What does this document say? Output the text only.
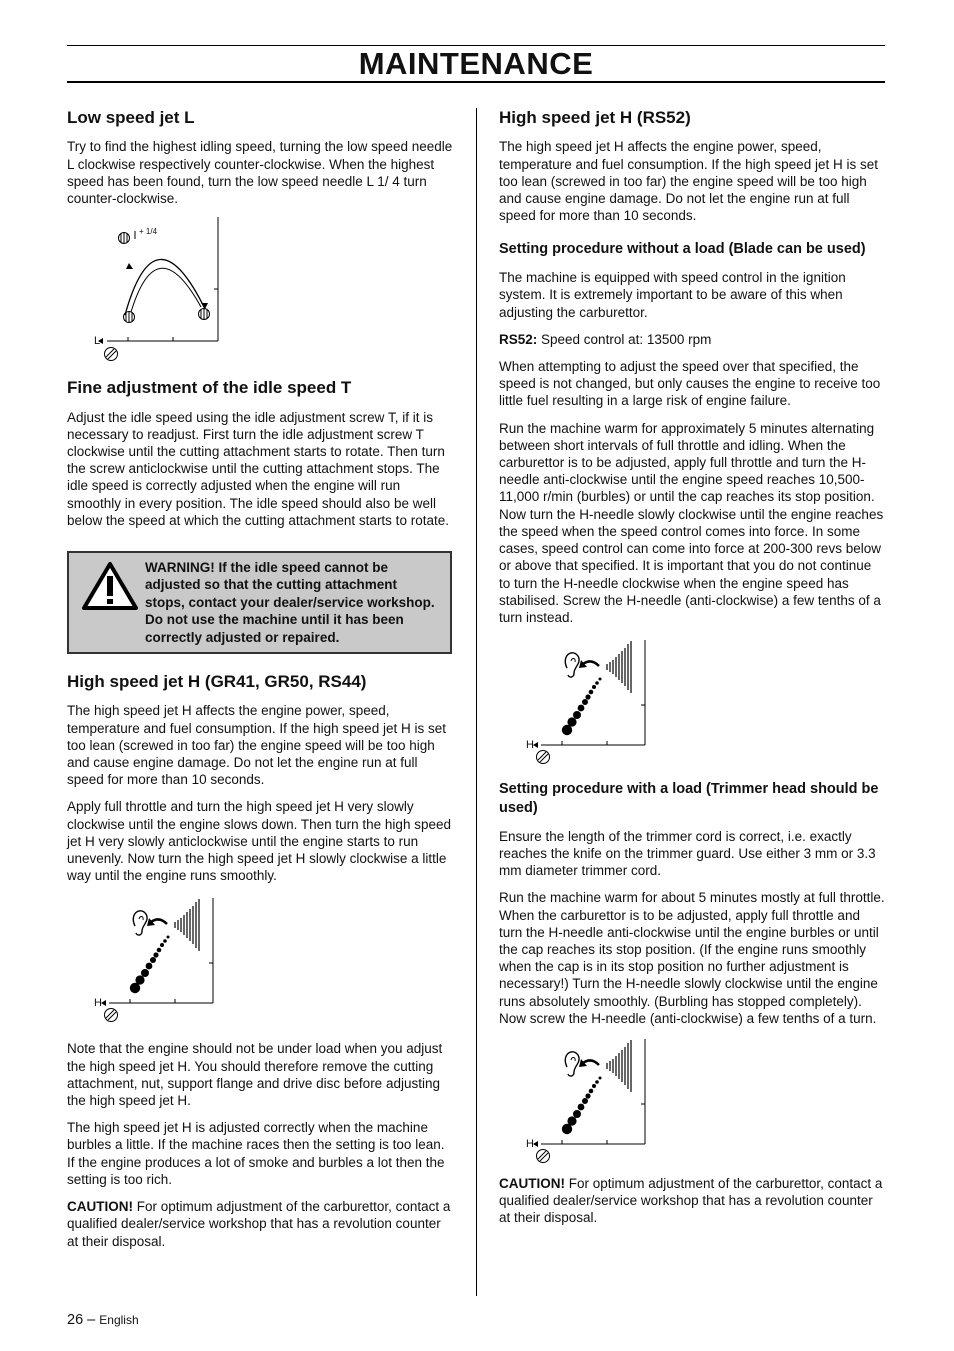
MAINTENANCE
Low speed jet L

Try to find the highest idling speed, turning the low speed needle L clockwise respectively counter-clockwise. When the highest speed has been found, turn the low speed needle L 1/ 4 turn counter-clockwise.

+ 1/4
L
Fine adjustment of the idle speed T

Adjust the idle speed using the idle adjustment screw T, if it is necessary to readjust. First turn the idle adjustment screw T clockwise until the cutting attachment starts to rotate. Then turn the screw anticlockwise until the cutting attachment stops. The idle speed is correctly adjusted when the engine will run smoothly in every position. The idle speed should also be well below the speed at which the cutting attachment starts to rotate.

WARNING! If the idle speed cannot be adjusted so that the cutting attachment stops, contact your dealer/service workshop. Do not use the machine until it has been correctly adjusted or repaired.
High speed jet H (GR41, GR50, RS44)

The high speed jet H affects the engine power, speed, temperature and fuel consumption. If the high speed jet H is set too lean (screwed in too far) the engine speed will be too high and cause engine damage. Do not let the engine run at full speed for more than 10 seconds.

Apply full throttle and turn the high speed jet H very slowly clockwise until the engine slows down. Then turn the high speed jet H very slowly anticlockwise until the engine starts to run unevenly. Now turn the high speed jet H slowly clockwise a little way until the engine runs smoothly.

H

Note that the engine should not be under load when you adjust the high speed jet H. You should therefore remove the cutting attachment, nut, support flange and drive disc before adjusting the high speed jet H.

The high speed jet H is adjusted correctly when the machine burbles a little. If the machine races then the setting is too lean. If the engine produces a lot of smoke and burbles a lot then the setting is too rich.

CAUTION! For optimum adjustment of the carburettor, contact a qualified dealer/service workshop that has a revolution counter at their disposal.

High speed jet H (RS52)

The high speed jet H affects the engine power, speed, temperature and fuel consumption. If the high speed jet H is set too lean (screwed in too far) the engine speed will be too high and cause engine damage. Do not let the engine run at full speed for more than 10 seconds.

Setting procedure without a load (Blade can be used)

The machine is equipped with speed control in the ignition system. It is extremely important to be aware of this when adjusting the carburettor.

RS52: Speed control at: 13500 rpm

When attempting to adjust the speed over that specified, the speed is not changed, but only causes the engine to receive too little fuel resulting in a large risk of engine failure.

Run the machine warm for approximately 5 minutes alternating between short intervals of full throttle and idling. When the carburettor is to be adjusted, apply full throttle and turn the H-needle anti-clockwise until the engine speed reaches 10,500-11,000 r/min (burbles) or until the cap reaches its stop position. Now turn the H-needle slowly clockwise until the engine reaches the speed when the speed control comes into force. In some cases, speed control can come into force at 200-300 revs below or above that specified. It is important that you do not continue to turn the H-needle clockwise when the engine speed has stabilised. Screw the H-needle (anti-clockwise) a few tenths of a turn instead.

H
Setting procedure with a load (Trimmer head should be used)

Ensure the length of the trimmer cord is correct, i.e. exactly reaches the knife on the trimmer guard. Use either 3 mm or 3.3 mm diameter trimmer cord.

Run the machine warm for about 5 minutes mostly at full throttle. When the carburettor is to be adjusted, apply full throttle and turn the H-needle anti-clockwise until the engine burbles or until the cap reaches its stop position. (If the engine runs smoothly when the cap is in its stop position no further adjustment is necessary!) Turn the H-needle slowly clockwise until the engine runs absolutely smoothly. (Burbling has stopped completely). Now screw the H-needle (anti-clockwise) a few tenths of a turn.

H

CAUTION! For optimum adjustment of the carburettor, contact a qualified dealer/service workshop that has a revolution counter at their disposal.

26 – English
